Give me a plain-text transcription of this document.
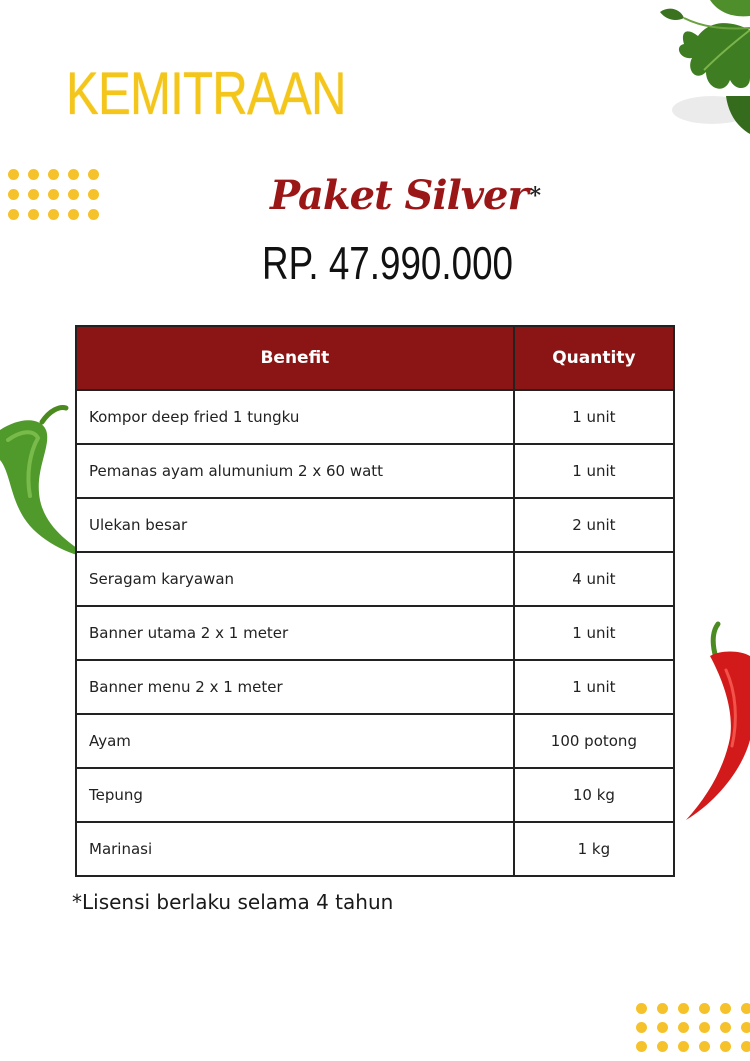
KEMITRAAN
Paket Silver*
RP. 47.990.000
Benefit	Quantity
Kompor deep fried 1 tungku	1 unit
Pemanas ayam alumunium 2 x 60 watt	1 unit
Ulekan besar	2 unit
Seragam karyawan	4 unit
Banner utama 2 x 1 meter	1 unit
Banner menu 2 x 1 meter	1 unit
Ayam	100 potong
Tepung	10 kg
Marinasi	1 kg

*Lisensi berlaku selama 4 tahun
